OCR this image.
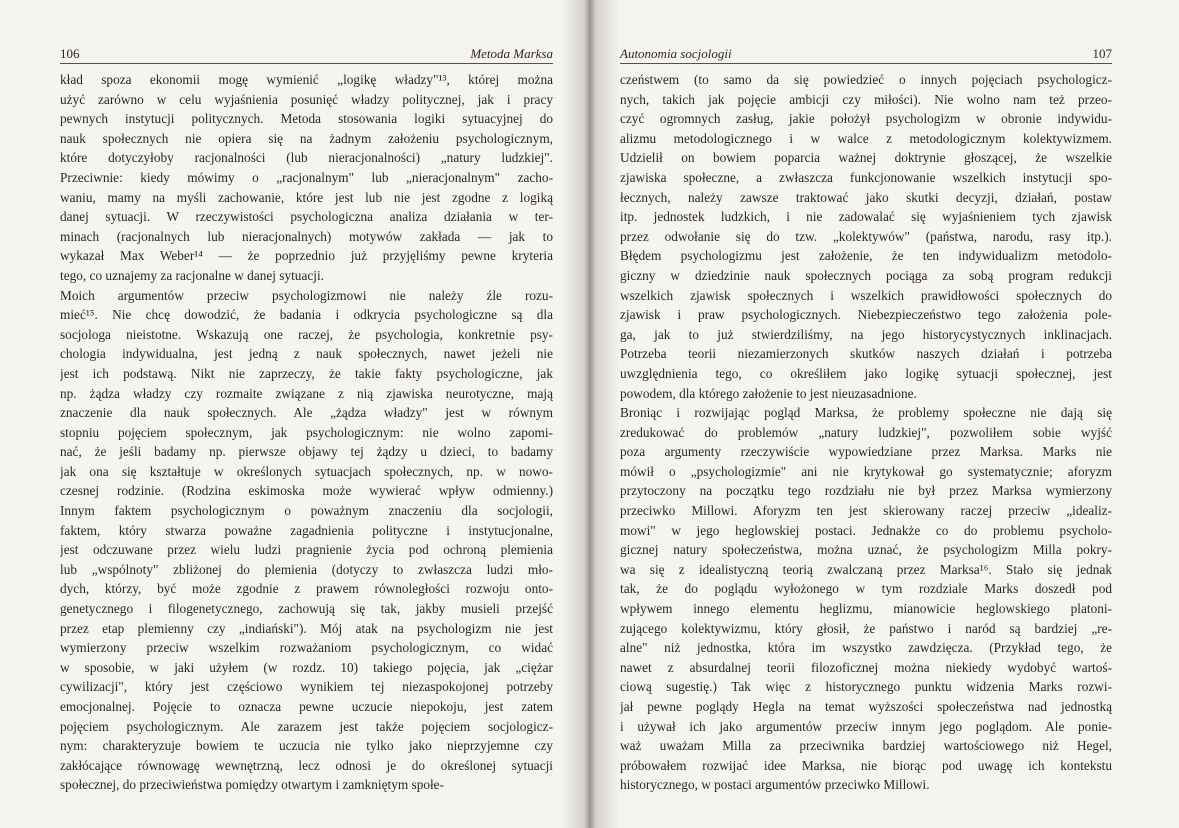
106	Metoda Marksa
kład spoza ekonomii mogę wymienić „logikę władzy"¹³, której można
użyć zarówno w celu wyjaśnienia posunięć władzy politycznej, jak i pracy
pewnych instytucji politycznych. Metoda stosowania logiki sytuacyjnej do
nauk społecznych nie opiera się na żadnym założeniu psychologicznym,
które dotyczyłoby racjonalności (lub nieracjonalności) „natury ludzkiej".
Przeciwnie: kiedy mówimy o „racjonalnym" lub „nieracjonalnym" zacho-
waniu, mamy na myśli zachowanie, które jest lub nie jest zgodne z logiką
danej sytuacji. W rzeczywistości psychologiczna analiza działania w ter-
minach (racjonalnych lub nieracjonalnych) motywów zakłada — jak to
wykazał Max Weber¹⁴ — że poprzednio już przyjęliśmy pewne kryteria
tego, co uznajemy za racjonalne w danej sytuacji.
Moich argumentów przeciw psychologizmowi nie należy źle rozu-
mieć¹⁵. Nie chcę dowodzić, że badania i odkrycia psychologiczne są dla
socjologa nieistotne. Wskazują one raczej, że psychologia, konkretnie psy-
chologia indywidualna, jest jedną z nauk społecznych, nawet jeżeli nie
jest ich podstawą. Nikt nie zaprzeczy, że takie fakty psychologiczne, jak
np. żądza władzy czy rozmaite związane z nią zjawiska neurotyczne, mają
znaczenie dla nauk społecznych. Ale „żądza władzy" jest w równym
stopniu pojęciem społecznym, jak psychologicznym: nie wolno zapomi-
nać, że jeśli badamy np. pierwsze objawy tej żądzy u dzieci, to badamy
jak ona się kształtuje w określonych sytuacjach społecznych, np. w nowo-
czesnej rodzinie. (Rodzina eskimoska może wywierać wpływ odmienny.)
Innym faktem psychologicznym o poważnym znaczeniu dla socjologii,
faktem, który stwarza poważne zagadnienia polityczne i instytucjonalne,
jest odczuwane przez wielu ludzi pragnienie życia pod ochroną plemienia
lub „wspólnoty" zbliżonej do plemienia (dotyczy to zwłaszcza ludzi mło-
dych, którzy, być może zgodnie z prawem równoległości rozwoju onto-
genetycznego i filogenetycznego, zachowują się tak, jakby musieli przejść
przez etap plemienny czy „indiański"). Mój atak na psychologizm nie jest
wymierzony przeciw wszelkim rozważaniom psychologicznym, co widać
w sposobie, w jaki użyłem (w rozdz. 10) takiego pojęcia, jak „ciężar
cywilizacji", który jest częściowo wynikiem tej niezaspokojonej potrzeby
emocjonalnej. Pojęcie to oznacza pewne uczucie niepokoju, jest zatem
pojęciem psychologicznym. Ale zarazem jest także pojęciem socjologicz-
nym: charakteryzuje bowiem te uczucia nie tylko jako nieprzyjemne czy
zakłócające równowagę wewnętrzną, lecz odnosi je do określonej sytuacji
społecznej, do przeciwieństwa pomiędzy otwartym i zamkniętym społe-
Autonomia socjologii	107
czeństwem (to samo da się powiedzieć o innych pojęciach psychologicz-
nych, takich jak pojęcie ambicji czy miłości). Nie wolno nam też przeo-
czyć ogromnych zasług, jakie położył psychologizm w obronie indywidu-
alizmu metodologicznego i w walce z metodologicznym kolektywizmem.
Udzielił on bowiem poparcia ważnej doktrynie głoszącej, że wszelkie
zjawiska społeczne, a zwłaszcza funkcjonowanie wszelkich instytucji spo-
łecznych, należy zawsze traktować jako skutki decyzji, działań, postaw
itp. jednostek ludzkich, i nie zadowalać się wyjaśnieniem tych zjawisk
przez odwołanie się do tzw. „kolektywów" (państwa, narodu, rasy itp.).
Błędem psychologizmu jest założenie, że ten indywidualizm metodolo-
giczny w dziedzinie nauk społecznych pociąga za sobą program redukcji
wszelkich zjawisk społecznych i wszelkich prawidłowości społecznych do
zjawisk i praw psychologicznych. Niebezpieczeństwo tego założenia pole-
ga, jak to już stwierdziliśmy, na jego historycystycznych inklinacjach.
Potrzeba teorii niezamierzonych skutków naszych działań i potrzeba
uwzględnienia tego, co określiłem jako logikę sytuacji społecznej, jest
powodem, dla którego założenie to jest nieuzasadnione.
Broniąc i rozwijając pogląd Marksa, że problemy społeczne nie dają się
zredukować do problemów „natury ludzkiej", pozwoliłem sobie wyjść
poza argumenty rzeczywiście wypowiedziane przez Marksa. Marks nie
mówił o „psychologizmie" ani nie krytykował go systematycznie; aforyzm
przytoczony na początku tego rozdziału nie był przez Marksa wymierzony
przeciwko Millowi. Aforyzm ten jest skierowany raczej przeciw „idealiz-
mowi" w jego heglowskiej postaci. Jednakże co do problemu psycholo-
gicznej natury społeczeństwa, można uznać, że psychologizm Milla pokry-
wa się z idealistyczną teorią zwalczaną przez Marksa¹⁶. Stało się jednak
tak, że do poglądu wyłożonego w tym rozdziale Marks doszedł pod
wpływem innego elementu heglizmu, mianowicie heglowskiego platoni-
zującego kolektywizmu, który głosił, że państwo i naród są bardziej „re-
alne" niż jednostka, która im wszystko zawdzięcza. (Przykład tego, że
nawet z absurdalnej teorii filozoficznej można niekiedy wydobyć wartoś-
ciową sugestię.) Tak więc z historycznego punktu widzenia Marks rozwi-
jał pewne poglądy Hegla na temat wyższości społeczeństwa nad jednostką
i używał ich jako argumentów przeciw innym jego poglądom. Ale ponie-
waż uważam Milla za przeciwnika bardziej wartościowego niż Hegel,
próbowałem rozwijać idee Marksa, nie biorąc pod uwagę ich kontekstu
historycznego, w postaci argumentów przeciwko Millowi.
